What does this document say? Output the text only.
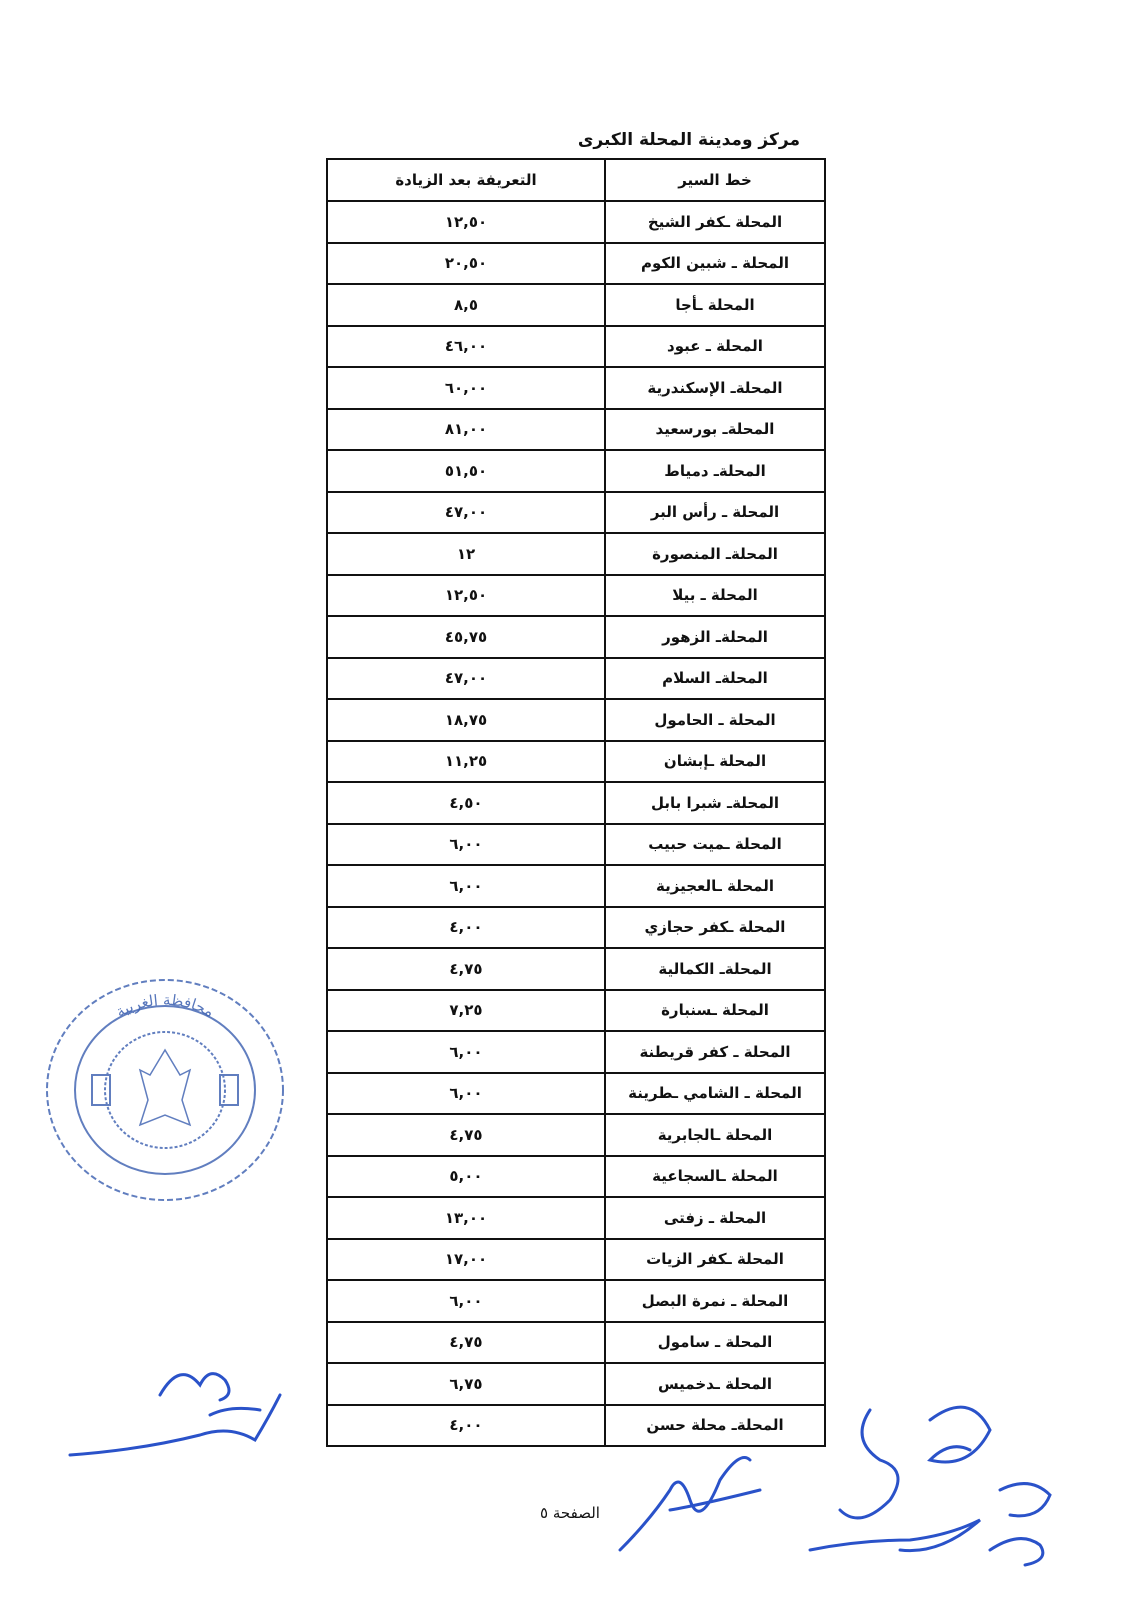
مركز ومدينة المحلة الكبرى
خط السير	التعريفة بعد الزيادة
المحلة ـكفر الشيخ	١٢,٥٠
المحلة ـ شبين الكوم	٢٠,٥٠
المحلة ـأجا	٨,٥
المحلة ـ عبود	٤٦,٠٠
المحلةـ الإسكندرية	٦٠,٠٠
المحلةـ بورسعيد	٨١,٠٠
المحلةـ دمياط	٥١,٥٠
المحلة ـ رأس البر	٤٧,٠٠
المحلةـ المنصورة	١٢
المحلة ـ بيلا	١٢,٥٠
المحلةـ الزهور	٤٥,٧٥
المحلةـ السلام	٤٧,٠٠
المحلة ـ الحامول	١٨,٧٥
المحلة ـإبشان	١١,٢٥
المحلةـ شبرا بابل	٤,٥٠
المحلة ـميت حبيب	٦,٠٠
المحلة ـالعجيزية	٦,٠٠
المحلة ـكفر حجازي	٤,٠٠
المحلةـ الكمالية	٤,٧٥
المحلة ـسنبارة	٧,٢٥
المحلة ـ كفر قريطنة	٦,٠٠
المحلة ـ الشامي ـطرينة	٦,٠٠
المحلة ـالجابرية	٤,٧٥
المحلة ـالسجاعية	٥,٠٠
المحلة ـ زفتى	١٣,٠٠
المحلة ـكفر الزيات	١٧,٠٠
المحلة ـ نمرة البصل	٦,٠٠
المحلة ـ سامول	٤,٧٥
المحلة ـدخميس	٦,٧٥
المحلةـ محلة حسن	٤,٠٠
الصفحة ٥
محافظة الغربية
